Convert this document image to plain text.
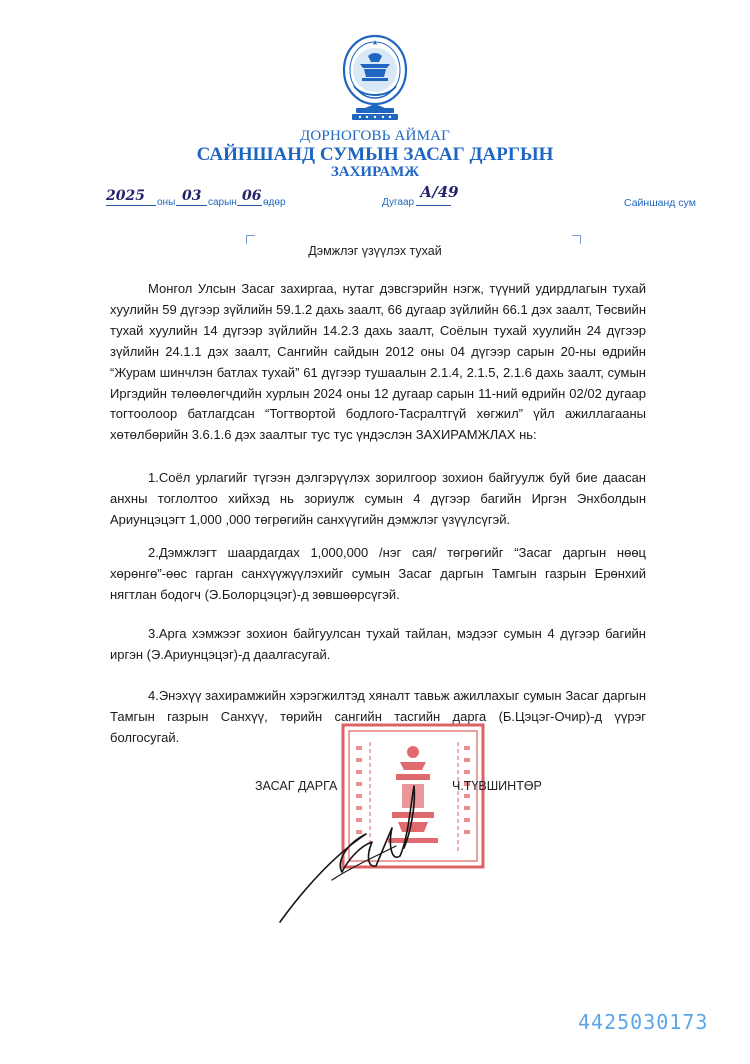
ДОРНОГОВЬ АЙМАГ
САЙНШАНД СУМЫН ЗАСАГ ДАРГЫН
ЗАХИРАМЖ
2025 оны 03 сарын 06 өдөр	Дугаар
А/49
Сайншанд сум
Дэмжлэг үзүүлэх тухай

Монгол Улсын Засаг захиргаа, нутаг дэвсгэрийн нэгж, түүний удирдлагын тухай хуулийн 59 дүгээр зүйлийн 59.1.2 дахь заалт, 66 дугаар зүйлийн 66.1 дэх заалт, Төсвийн тухай хуулийн 14 дүгээр зүйлийн 14.2.3 дахь заалт, Соёлын тухай хуулийн 24 дүгээр зүйлийн 24.1.1 дэх заалт, Сангийн сайдын 2012 оны 04 дүгээр сарын 20-ны өдрийн “Журам шинчлэн батлах тухай” 61 дүгээр тушаалын 2.1.4, 2.1.5, 2.1.6 дахь заалт, сумын Иргэдийн төлөөлөгчдийн хурлын 2024 оны 12 дугаар сарын 11-ний өдрийн 02/02 дугаар тогтоолоор батлагдсан “Тогтвортой бодлого-Тасралтгүй хөгжил” үйл ажиллагааны хөтөлбөрийн 3.6.1.6 дэх заалтыг тус тус үндэслэн ЗАХИРАМЖЛАХ нь:

1.Соёл урлагийг түгээн дэлгэрүүлэх зорилгоор зохион байгуулж буй бие даасан анхны тоглолтоо хийхэд нь зориулж сумын 4 дүгээр багийн Иргэн Энхболдын Ариунцэцэгт 1,000 ,000 төгрөгийн санхүүгийн дэмжлэг үзүүлсүгэй.

2.Дэмжлэгт шаардагдах 1,000,000 /нэг сая/ төгрөгийг “Засаг даргын нөөц хөрөнгө”-өөс гарган санхүүжүүлэхийг сумын Засаг даргын Тамгын газрын Ерөнхий нягтлан бодогч (Э.Болорцэцэг)-д зөвшөөрсүгэй.

3.Арга хэмжээг зохион байгуулсан тухай тайлан, мэдээг сумын 4 дүгээр багийн иргэн (Э.Ариунцэцэг)-д даалгасугай.

4.Энэхүү захирамжийн хэрэгжилтэд хяналт тавьж ажиллахыг сумын Засаг даргын Тамгын газрын Санхүү, төрийн сангийн тасгийн дарга (Б.Цэцэг-Очир)-д үүрэг болгосугай.

ЗАСАГ ДАРГА	Ч.ТҮВШИНТӨР
4425030173
